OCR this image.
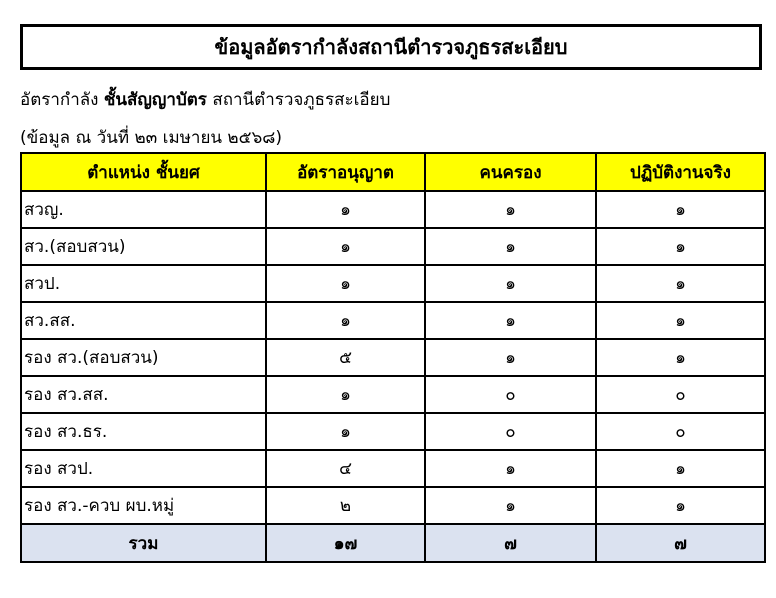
ข้อมูลอัตรากำลังสถานีตำรวจภูธรสะเอียบ
อัตรากำลัง ชั้นสัญญาบัตร สถานีตำรวจภูธรสะเอียบ
(ข้อมูล ณ วันที่ ๒๓ เมษายน ๒๕๖๘)
ตำแหน่ง ชั้นยศ	อัตราอนุญาต	คนครอง	ปฏิบัติงานจริง
สวญ.	๑	๑	๑
สว.(สอบสวน)	๑	๑	๑
สวป.	๑	๑	๑
สว.สส.	๑	๑	๑
รอง สว.(สอบสวน)	๕	๑	๑
รอง สว.สส.	๑	๐	๐
รอง สว.ธร.	๑	๐	๐
รอง สวป.	๔	๑	๑
รอง สว.-ควบ ผบ.หมู่	๒	๑	๑
รวม	๑๗	๗	๗
